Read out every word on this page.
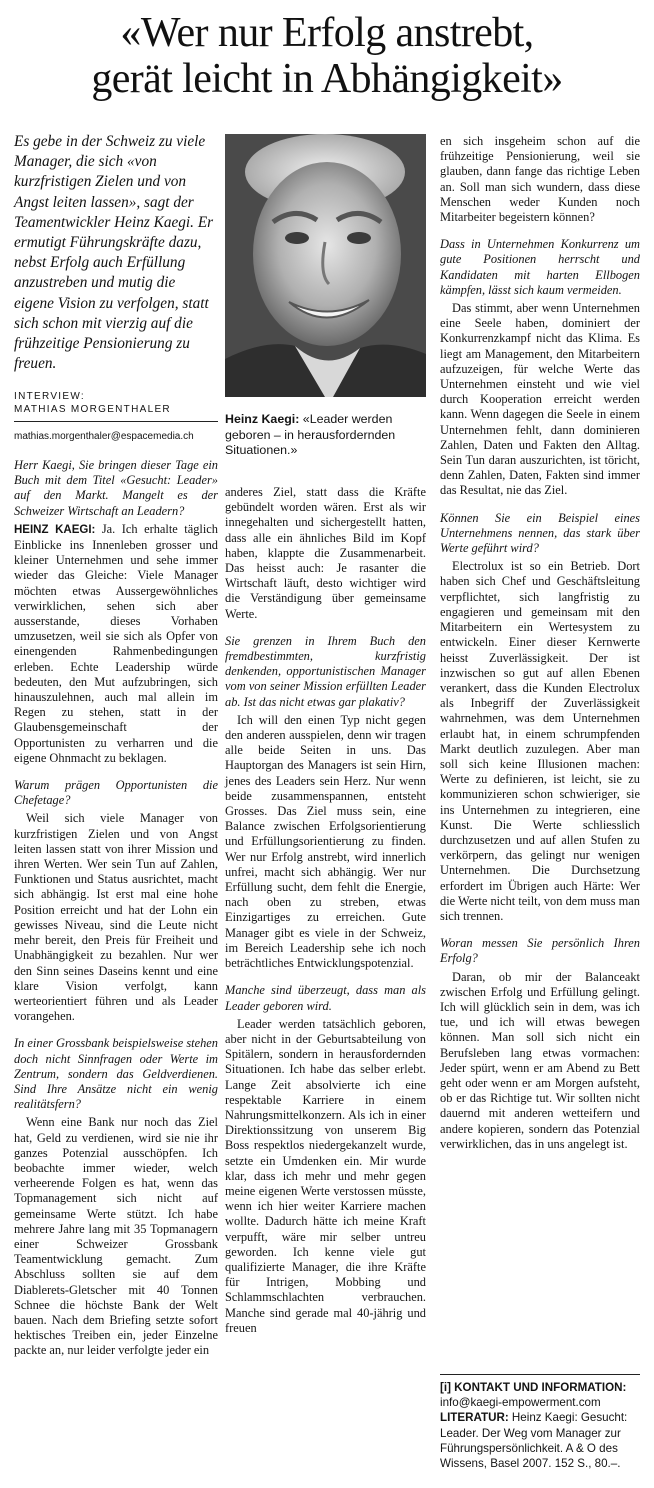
«Wer nur Erfolg anstrebt,
gerät leicht in Abhängigkeit»
Es gebe in der Schweiz zu viele Manager, die sich «von kurzfristigen Zielen und von Angst leiten lassen», sagt der Teamentwickler Heinz Kaegi. Er ermutigt Führungskräfte dazu, nebst Erfolg auch Erfüllung anzustreben und mutig die eigene Vision zu verfolgen, statt sich schon mit vierzig auf die frühzeitige Pensionierung zu freuen.
INTERVIEW:
MATHIAS MORGENTHALER
mathias.morgenthaler@espacemedia.ch
Heinz Kaegi: «Leader werden geboren – in herausfordernden Situationen.»

Herr Kaegi, Sie bringen dieser Tage ein Buch mit dem Titel «Gesucht: Leader» auf den Markt. Mangelt es der Schweizer Wirtschaft an Leadern?

HEINZ KAEGI: Ja. Ich erhalte täglich Einblicke ins Innenleben grosser und kleiner Unternehmen und sehe immer wieder das Gleiche: Viele Manager möchten etwas Aussergewöhnliches verwirklichen, sehen sich aber ausserstande, dieses Vorhaben umzusetzen, weil sie sich als Opfer von einengenden Rahmenbedingungen erleben. Echte Leadership würde bedeuten, den Mut aufzubringen, sich hinauszulehnen, auch mal allein im Regen zu stehen, statt in der Glaubensgemeinschaft der Opportunisten zu verharren und die eigene Ohnmacht zu beklagen.

Warum prägen Opportunisten die Chefetage?

Weil sich viele Manager von kurzfristigen Zielen und von Angst leiten lassen statt von ihrer Mission und ihren Werten. Wer sein Tun auf Zahlen, Funktionen und Status ausrichtet, macht sich abhängig. Ist erst mal eine hohe Position erreicht und hat der Lohn ein gewisses Niveau, sind die Leute nicht mehr bereit, den Preis für Freiheit und Unabhängigkeit zu bezahlen. Nur wer den Sinn seines Daseins kennt und eine klare Vision verfolgt, kann werteorientiert führen und als Leader vorangehen.

In einer Grossbank beispielsweise stehen doch nicht Sinnfragen oder Werte im Zentrum, sondern das Geldverdienen. Sind Ihre Ansätze nicht ein wenig realitätsfern?

Wenn eine Bank nur noch das Ziel hat, Geld zu verdienen, wird sie nie ihr ganzes Potenzial ausschöpfen. Ich beobachte immer wieder, welch verheerende Folgen es hat, wenn das Topmanagement sich nicht auf gemeinsame Werte stützt. Ich habe mehrere Jahre lang mit 35 Topmanagern einer Schweizer Grossbank Teamentwicklung gemacht. Zum Abschluss sollten sie auf dem Diablerets-Gletscher mit 40 Tonnen Schnee die höchste Bank der Welt bauen. Nach dem Briefing setzte sofort hektisches Treiben ein, jeder Einzelne packte an, nur leider verfolgte jeder ein

anderes Ziel, statt dass die Kräfte gebündelt worden wären. Erst als wir innegehalten und sichergestellt hatten, dass alle ein ähnliches Bild im Kopf haben, klappte die Zusammenarbeit. Das heisst auch: Je rasanter die Wirtschaft läuft, desto wichtiger wird die Verständigung über gemeinsame Werte.

Sie grenzen in Ihrem Buch den fremdbestimmten, kurzfristig denkenden, opportunistischen Manager vom von seiner Mission erfüllten Leader ab. Ist das nicht etwas gar plakativ?

Ich will den einen Typ nicht gegen den anderen ausspielen, denn wir tragen alle beide Seiten in uns. Das Hauptorgan des Managers ist sein Hirn, jenes des Leaders sein Herz. Nur wenn beide zusammenspannen, entsteht Grosses. Das Ziel muss sein, eine Balance zwischen Erfolgsorientierung und Erfüllungsorientierung zu finden. Wer nur Erfolg anstrebt, wird innerlich unfrei, macht sich abhängig. Wer nur Erfüllung sucht, dem fehlt die Energie, nach oben zu streben, etwas Einzigartiges zu erreichen. Gute Manager gibt es viele in der Schweiz, im Bereich Leadership sehe ich noch beträchtliches Entwicklungspotenzial.

Manche sind überzeugt, dass man als Leader geboren wird.

Leader werden tatsächlich geboren, aber nicht in der Geburtsabteilung von Spitälern, sondern in herausfordernden Situationen. Ich habe das selber erlebt. Lange Zeit absolvierte ich eine respektable Karriere in einem Nahrungsmittelkonzern. Als ich in einer Direktionssitzung von unserem Big Boss respektlos niedergekanzelt wurde, setzte ein Umdenken ein. Mir wurde klar, dass ich mehr und mehr gegen meine eigenen Werte verstossen müsste, wenn ich hier weiter Karriere machen wollte. Dadurch hätte ich meine Kraft verpufft, wäre mir selber untreu geworden. Ich kenne viele gut qualifizierte Manager, die ihre Kräfte für Intrigen, Mobbing und Schlammschlachten verbrauchen. Manche sind gerade mal 40-jährig und freuen

en sich insgeheim schon auf die frühzeitige Pensionierung, weil sie glauben, dann fange das richtige Leben an. Soll man sich wundern, dass diese Menschen weder Kunden noch Mitarbeiter begeistern können?

Dass in Unternehmen Konkurrenz um gute Positionen herrscht und Kandidaten mit harten Ellbogen kämpfen, lässt sich kaum vermeiden.

Das stimmt, aber wenn Unternehmen eine Seele haben, dominiert der Konkurrenzkampf nicht das Klima. Es liegt am Management, den Mitarbeitern aufzuzeigen, für welche Werte das Unternehmen einsteht und wie viel durch Kooperation erreicht werden kann. Wenn dagegen die Seele in einem Unternehmen fehlt, dann dominieren Zahlen, Daten und Fakten den Alltag. Sein Tun daran auszurichten, ist töricht, denn Zahlen, Daten, Fakten sind immer das Resultat, nie das Ziel.

Können Sie ein Beispiel eines Unternehmens nennen, das stark über Werte geführt wird?

Electrolux ist so ein Betrieb. Dort haben sich Chef und Geschäftsleitung verpflichtet, sich langfristig zu engagieren und gemeinsam mit den Mitarbeitern ein Wertesystem zu entwickeln. Einer dieser Kernwerte heisst Zuverlässigkeit. Der ist inzwischen so gut auf allen Ebenen verankert, dass die Kunden Electrolux als Inbegriff der Zuverlässigkeit wahrnehmen, was dem Unternehmen erlaubt hat, in einem schrumpfenden Markt deutlich zuzulegen. Aber man soll sich keine Illusionen machen: Werte zu definieren, ist leicht, sie zu kommunizieren schon schwieriger, sie ins Unternehmen zu integrieren, eine Kunst. Die Werte schliesslich durchzusetzen und auf allen Stufen zu verkörpern, das gelingt nur wenigen Unternehmen. Die Durchsetzung erfordert im Übrigen auch Härte: Wer die Werte nicht teilt, von dem muss man sich trennen.

Woran messen Sie persönlich Ihren Erfolg?

Daran, ob mir der Balanceakt zwischen Erfolg und Erfüllung gelingt. Ich will glücklich sein in dem, was ich tue, und ich will etwas bewegen können. Man soll sich nicht ein Berufsleben lang etwas vormachen: Jeder spürt, wenn er am Abend zu Bett geht oder wenn er am Morgen aufsteht, ob er das Richtige tut. Wir sollten nicht dauernd mit anderen wetteifern und andere kopieren, sondern das Potenzial verwirklichen, das in uns angelegt ist.

[i] KONTAKT UND INFORMATION:
info@kaegi-empowerment.com
LITERATUR: Heinz Kaegi: Gesucht: Leader. Der Weg vom Manager zur Führungspersönlichkeit. A & O des Wissens, Basel 2007. 152 S., 80.–.
